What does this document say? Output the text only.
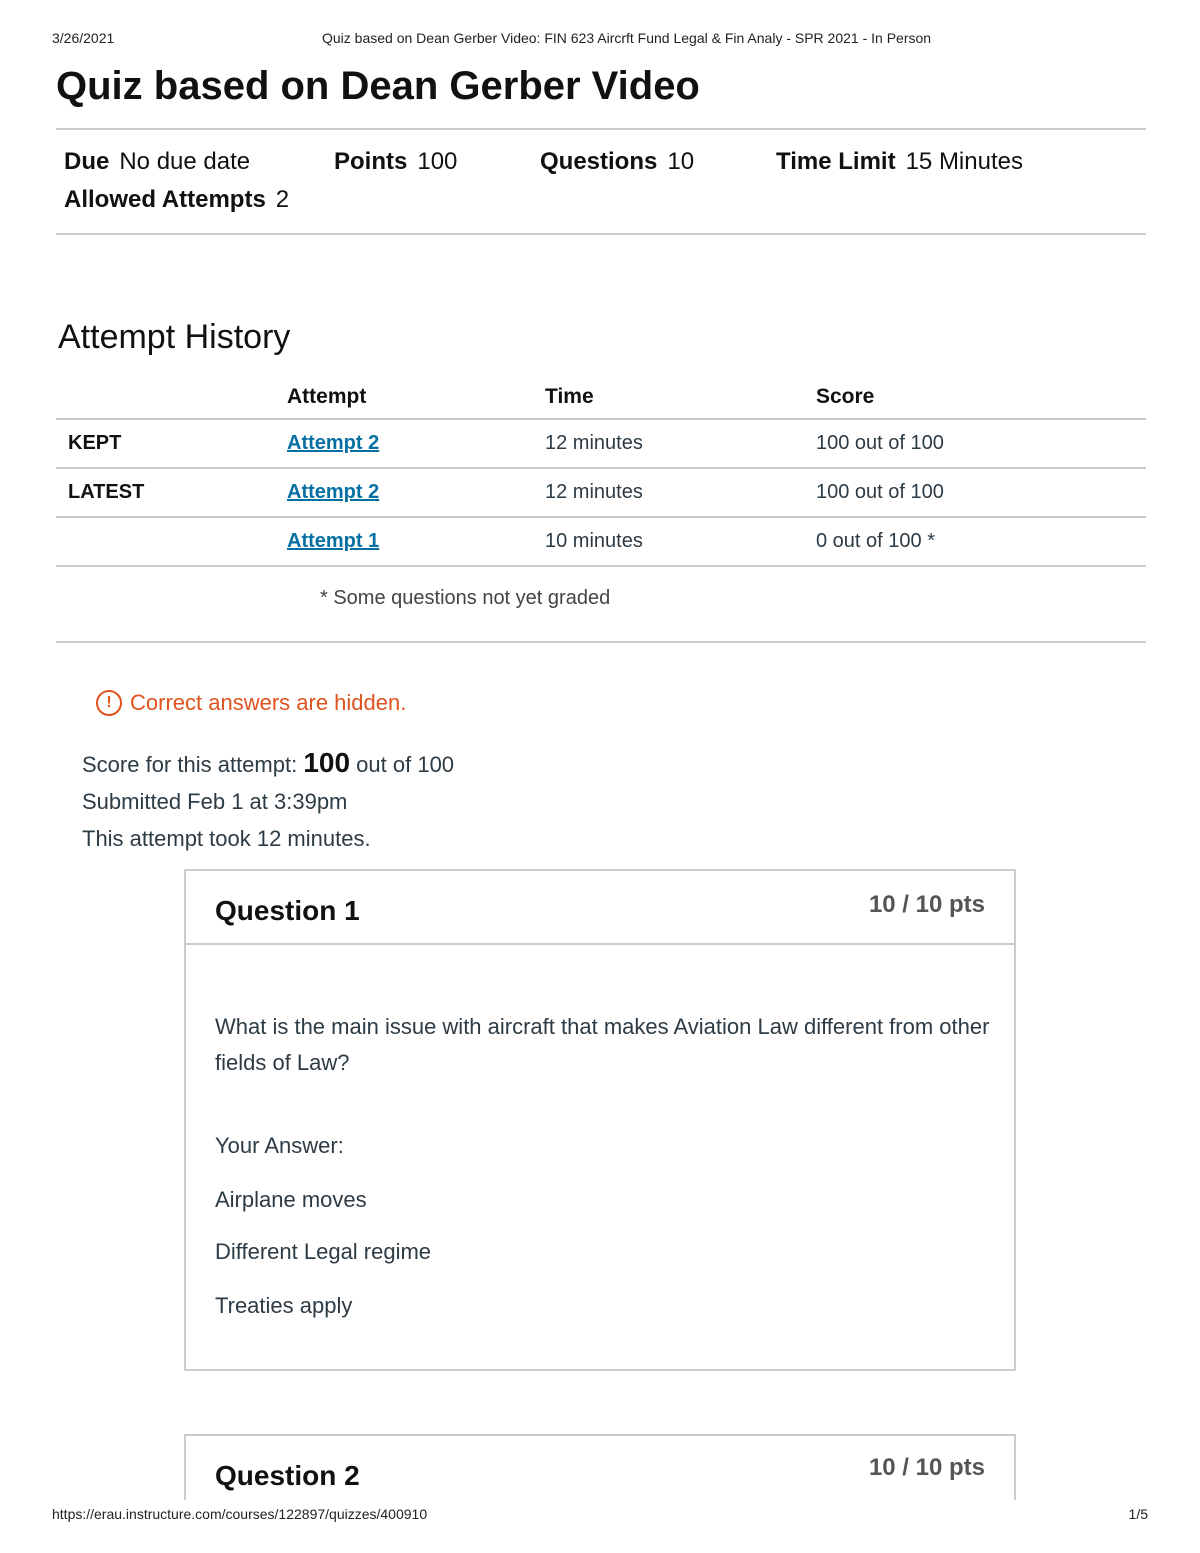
3/26/2021	Quiz based on Dean Gerber Video: FIN 623 Aircrft Fund Legal & Fin Analy - SPR 2021 - In Person
Quiz based on Dean Gerber Video
Due No due date	Points 100	Questions 10	Time Limit 15 Minutes
Allowed Attempts 2
Attempt History
	Attempt	Time	Score
KEPT	Attempt 2	12 minutes	100 out of 100
LATEST	Attempt 2	12 minutes	100 out of 100
	Attempt 1	10 minutes	0 out of 100 *
* Some questions not yet graded
! Correct answers are hidden.
Score for this attempt: 100 out of 100
Submitted Feb 1 at 3:39pm
This attempt took 12 minutes.
Question 1	10 / 10 pts

What is the main issue with aircraft that makes Aviation Law different from other fields of Law?

Your Answer:
Airplane moves
Different Legal regime
Treaties apply
Question 2	10 / 10 pts
https://erau.instructure.com/courses/122897/quizzes/400910	1/5
